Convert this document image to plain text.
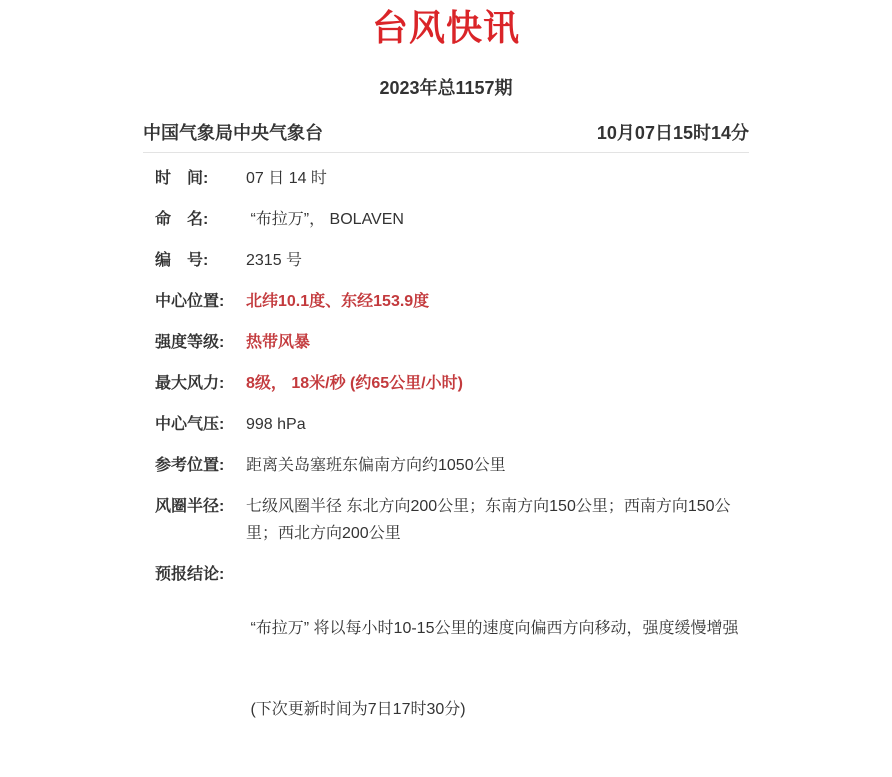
台风快讯
2023年总1157期
中国气象局中央气象台	10月07日15时14分
时　间:	07 日 14 时
命　名:	“布拉万”， BOLAVEN
编　号:	2315 号
中心位置:	北纬10.1度、东经153.9度
强度等级:	热带风暴
最大风力:	8级， 18米/秒 (约65公里/小时)
中心气压:	998 hPa
参考位置:	距离关岛塞班东偏南方向约1050公里
风圈半径:	七级风圈半径 东北方向200公里；东南方向150公里；西南方向150公里；西北方向200公里
预报结论:

“布拉万” 将以每小时10-15公里的速度向偏西方向移动，强度缓慢增强

(下次更新时间为7日17时30分)
